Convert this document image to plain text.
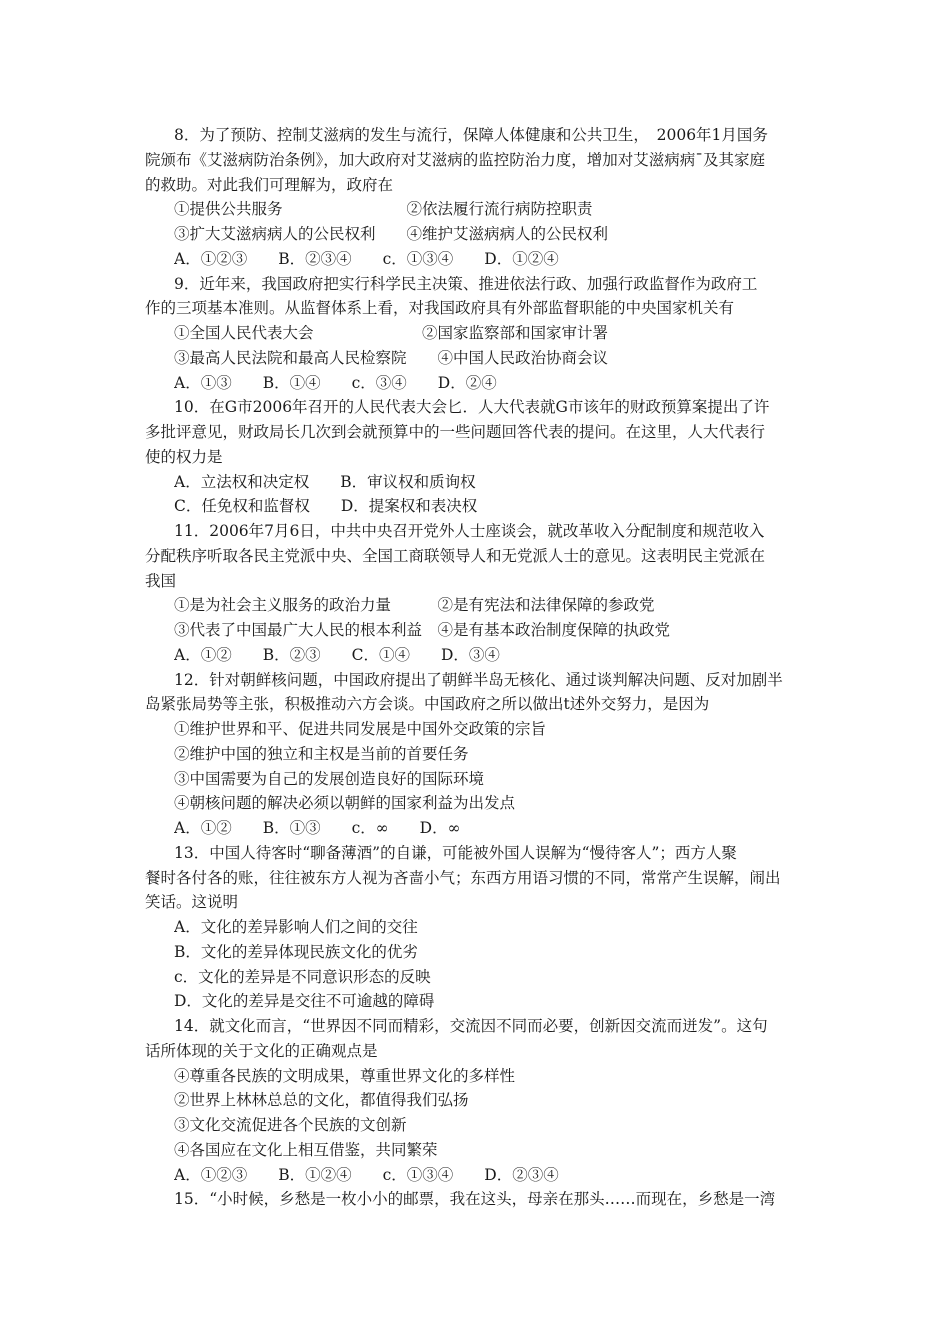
8．为了预防、控制艾滋病的发生与流行，保障人体健康和公共卫生，　2006年1月国务
院颁布《艾滋病防治条例》，加大政府对艾滋病的监控防治力度，增加对艾滋病病ˉ及其家庭
的救助。对此我们可理解为，政府在
①提供公共服务　　　　　　　　②依法履行流行病防控职责
③扩大艾滋病病人的公民权利　　④维护艾滋病病人的公民权利
A．①②③　　B．②③④　　c．①③④　　D．①②④
9．近年来，我国政府把实行科学民主决策、推进依法行政、加强行政监督作为政府工
作的三项基本准则。从监督体系上看，对我国政府具有外部监督职能的中央国家机关有
①全国人民代表大会　　　　　　　②国家监察部和国家审计署
③最高人民法院和最高人民检察院　　④中国人民政治协商会议
A．①③　　B．①④　　c．③④　　D．②④
10．在G市2006年召开的人民代表大会匕．人大代表就G市该年的财政预算案提出了许
多批评意见，财政局长几次到会就预算中的一些问题回答代表的提问。在这里，人大代表行
使的权力是
A．立法权和决定权　　B．审议权和质询权
C．任免权和监督权　　D．提案权和表决权
11．2006年7月6日，中共中央召开党外人士座谈会，就改革收入分配制度和规范收入
分配秩序听取各民主党派中央、全国工商联领导人和无党派人士的意见。这表明民主党派在
我国
①是为社会主义服务的政治力量　　　②是有宪法和法律保障的参政党
③代表了中国最广大人民的根本利益　④是有基本政治制度保障的执政党
A．①②　　B．②③　　C．①④　　D．③④
12．针对朝鲜核问题，中国政府提出了朝鲜半岛无核化、通过谈判解决问题、反对加剧半
岛紧张局势等主张，积极推动六方会谈。中国政府之所以做出t述外交努力，是因为
①维护世界和平、促进共同发展是中国外交政策的宗旨
②维护中国的独立和主权是当前的首要任务
③中国需要为自己的发展创造良好的国际环境
④朝核问题的解决必须以朝鲜的国家利益为出发点
A．①②　　B．①③　　c．∞　　D．∞
13．中国人待客时“聊备薄酒”的自谦，可能被外国人误解为“慢待客人”；西方人聚
餐时各付各的账，往往被东方人视为吝啬小气；东西方用语习惯的不同，常常产生误解，闹出
笑话。这说明
A．文化的差异影响人们之间的交往
B．文化的差异体现民族文化的优劣
c．文化的差异是不同意识形态的反映
D．文化的差异是交往不可逾越的障碍
14．就文化而言，“世界因不同而精彩，交流因不同而必要，创新因交流而迸发”。这句
话所体现的关于文化的正确观点是
④尊重各民族的文明成果，尊重世界文化的多样性
②世界上林林总总的文化，都值得我们弘扬
③文化交流促进各个民族的文创新
④各国应在文化上相互借鉴，共同繁荣
A．①②③　　B．①②④　　c．①③④　　D．②③④
15．“小时候，乡愁是一枚小小的邮票，我在这头，母亲在那头……而现在，乡愁是一湾
